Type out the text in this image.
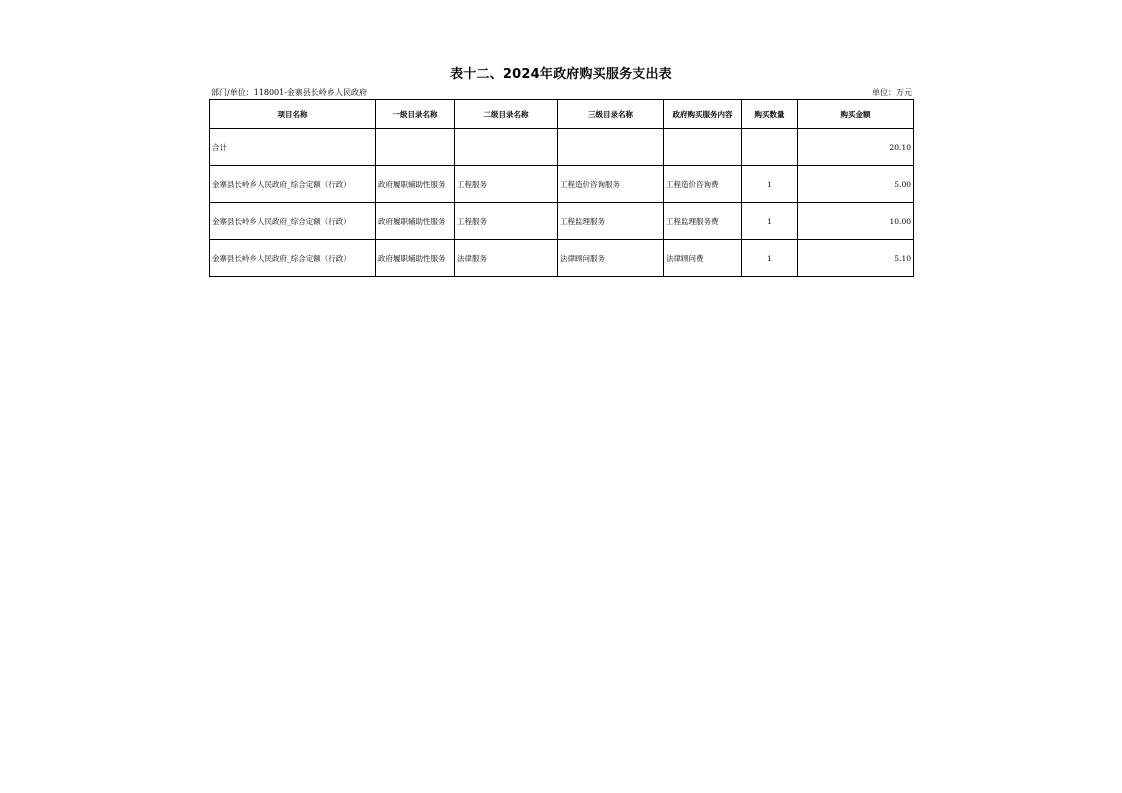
表十二、2024年政府购买服务支出表
部门/单位：118001-金寨县长岭乡人民政府	单位：万元
项目名称	一级目录名称	二级目录名称	三级目录名称	政府购买服务内容	购买数量	购买金额
合计						20.10
金寨县长岭乡人民政府_综合定额（行政）	政府履职辅助性服务	工程服务	工程造价咨询服务	工程造价咨询费	1	5.00
金寨县长岭乡人民政府_综合定额（行政）	政府履职辅助性服务	工程服务	工程监理服务	工程监理服务费	1	10.00
金寨县长岭乡人民政府_综合定额（行政）	政府履职辅助性服务	法律服务	法律顾问服务	法律顾问费	1	5.10
